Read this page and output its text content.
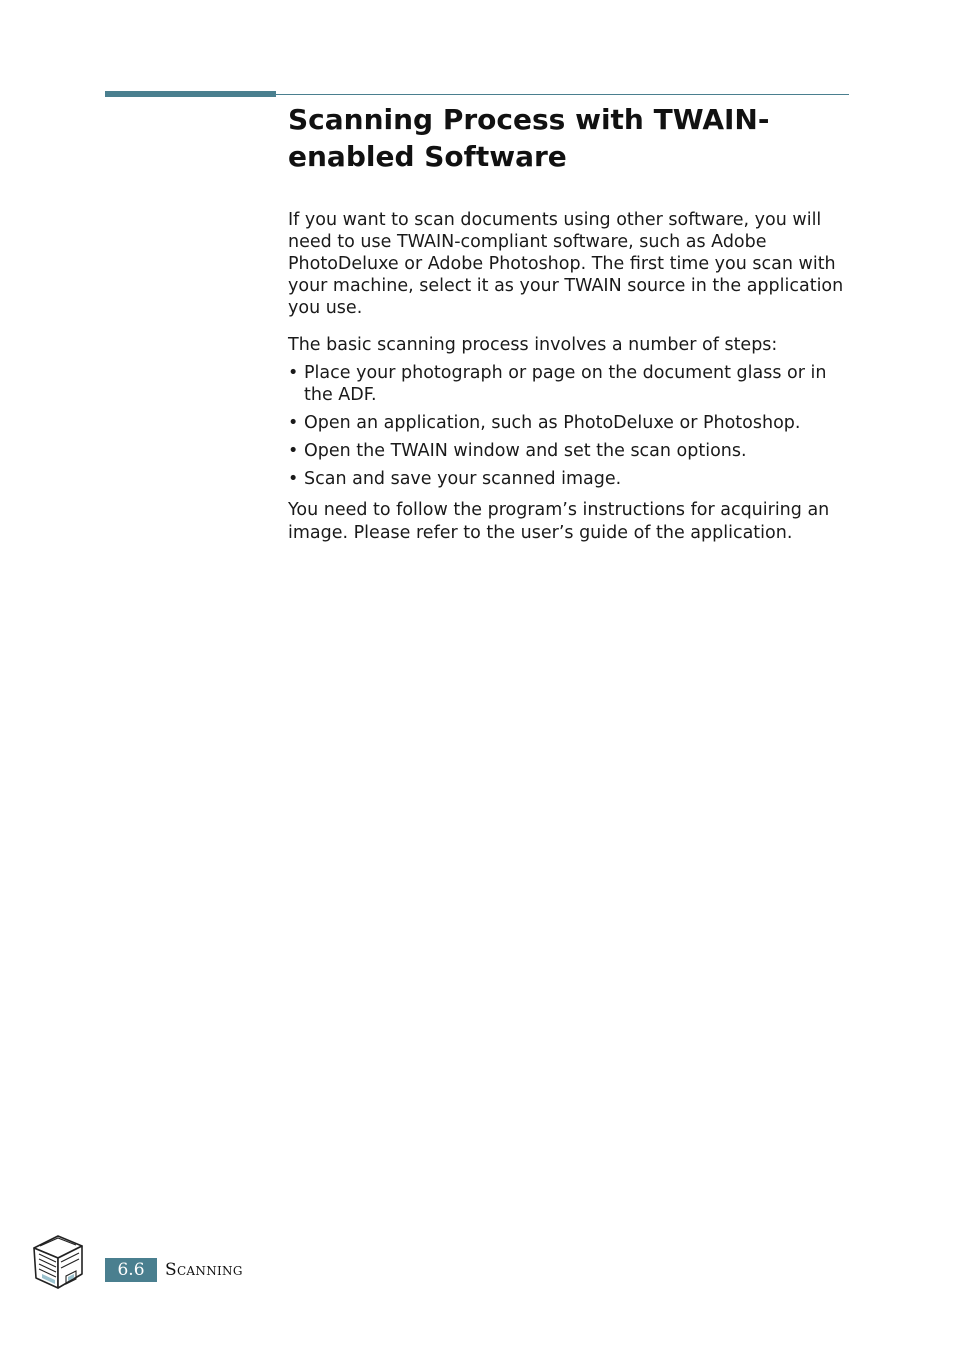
Scanning Process with TWAIN-enabled Software

If you want to scan documents using other software, you will need to use TWAIN-compliant software, such as Adobe PhotoDeluxe or Adobe Photoshop. The first time you scan with your machine, select it as your TWAIN source in the application you use.

The basic scanning process involves a number of steps:

• Place your photograph or page on the document glass or in the ADF.
• Open an application, such as PhotoDeluxe or Photoshop.
• Open the TWAIN window and set the scan options.
• Scan and save your scanned image.

You need to follow the program’s instructions for acquiring an image. Please refer to the user’s guide of the application.

6.6	Scanning
